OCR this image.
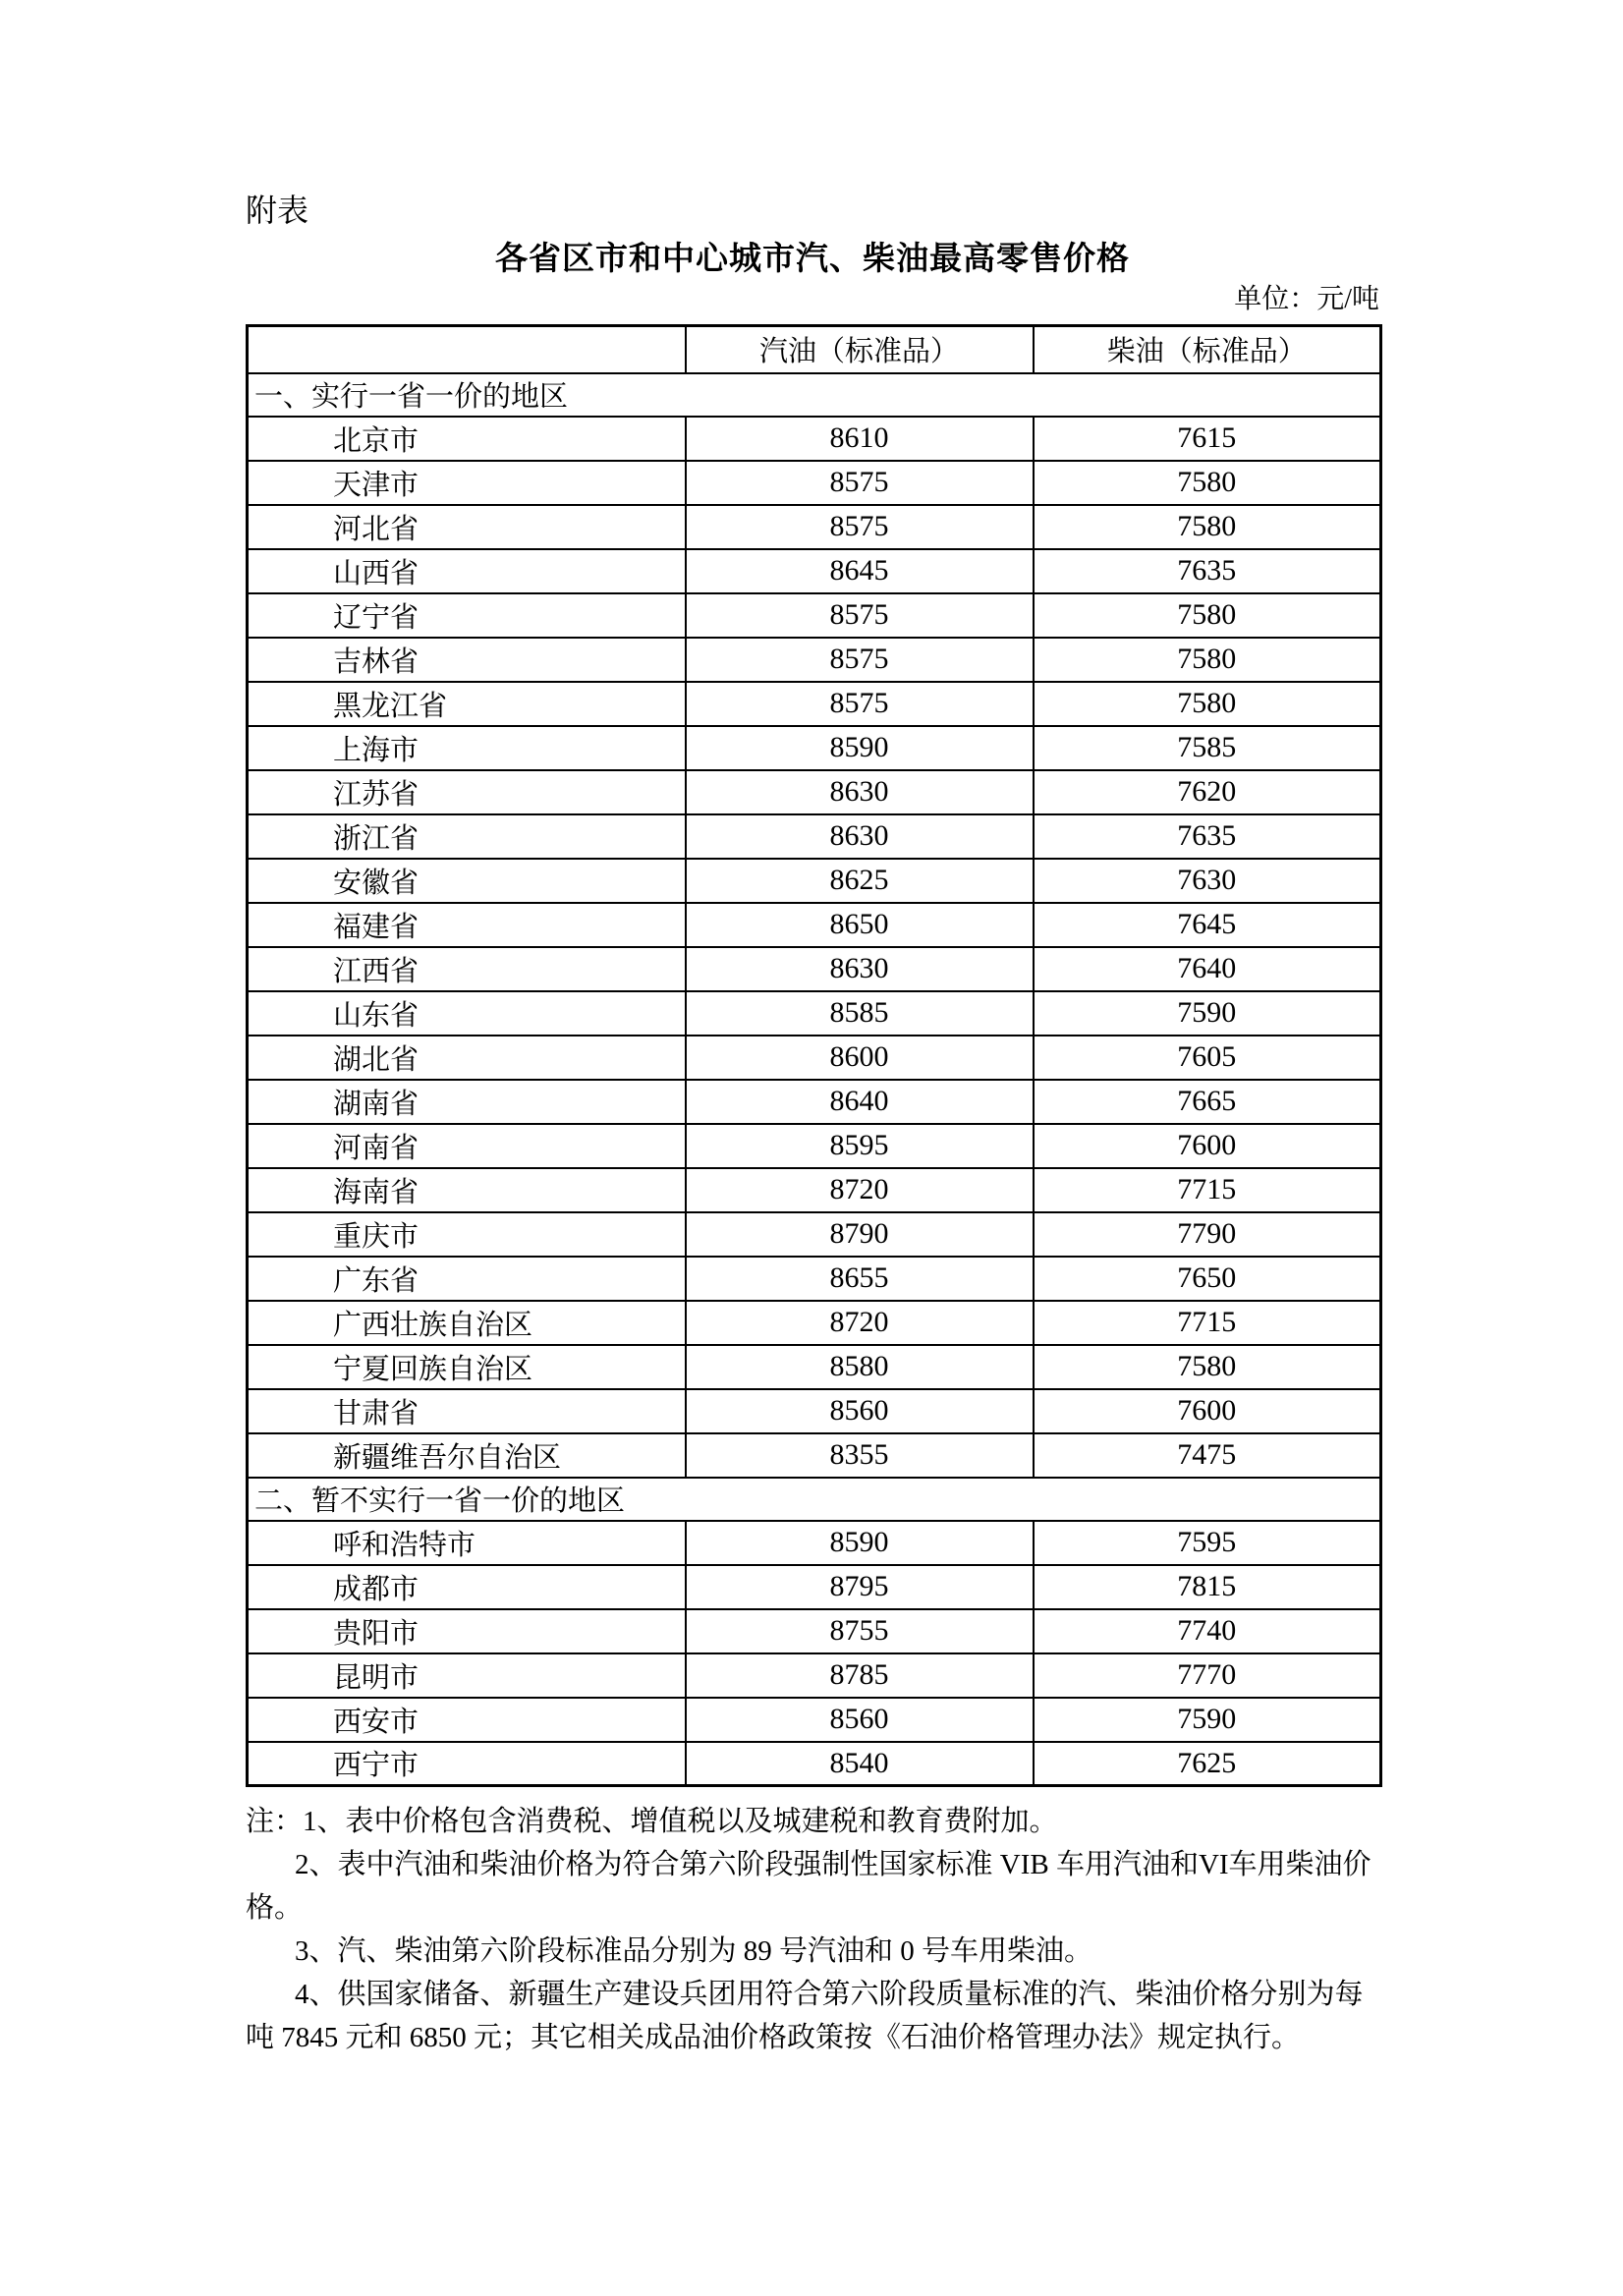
附表
各省区市和中心城市汽、柴油最高零售价格
单位：元/吨
	汽油（标准品）	柴油（标准品）
一、实行一省一价的地区		
北京市	8610	7615
天津市	8575	7580
河北省	8575	7580
山西省	8645	7635
辽宁省	8575	7580
吉林省	8575	7580
黑龙江省	8575	7580
上海市	8590	7585
江苏省	8630	7620
浙江省	8630	7635
安徽省	8625	7630
福建省	8650	7645
江西省	8630	7640
山东省	8585	7590
湖北省	8600	7605
湖南省	8640	7665
河南省	8595	7600
海南省	8720	7715
重庆市	8790	7790
广东省	8655	7650
广西壮族自治区	8720	7715
宁夏回族自治区	8580	7580
甘肃省	8560	7600
新疆维吾尔自治区	8355	7475
二、暂不实行一省一价的地区		
呼和浩特市	8590	7595
成都市	8795	7815
贵阳市	8755	7740
昆明市	8785	7770
西安市	8560	7590
西宁市	8540	7625
注：1、表中价格包含消费税、增值税以及城建税和教育费附加。
2、表中汽油和柴油价格为符合第六阶段强制性国家标准 VIB 车用汽油和VI车用柴油价
格。
3、汽、柴油第六阶段标准品分别为 89 号汽油和 0 号车用柴油。
4、供国家储备、新疆生产建设兵团用符合第六阶段质量标准的汽、柴油价格分别为每
吨 7845 元和 6850 元；其它相关成品油价格政策按《石油价格管理办法》规定执行。
